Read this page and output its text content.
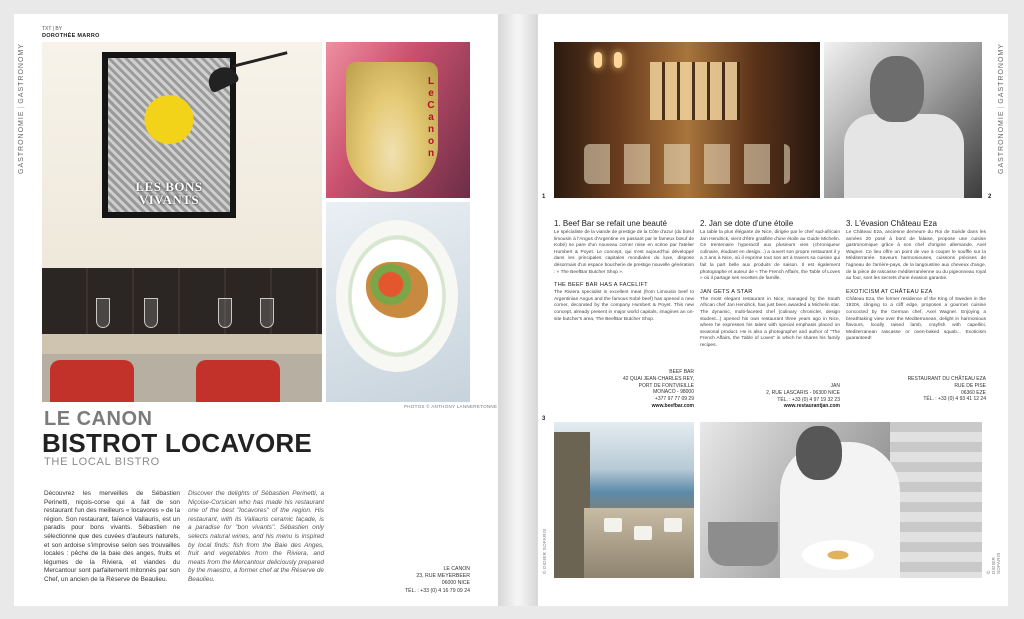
GASTRONOMIE|GASTRONOMY
TXT | BY
DOROTHÉE MARRO
LES BONS VIVANTS
Le Canon
PHOTOS © ANTHONY LANNERETONNE
LE CANON
BISTROT LOCAVORE
THE LOCAL BISTRO
Découvrez les merveilles de Sébastien Perinetti, niçois-corse qui a fait de son restaurant l'un des meilleurs « locavores » de la région. Son restaurant, faïencé Vallauris, est un paradis pour bons vivants. Sébastien ne sélectionne que des cuvées d'auteurs naturels, et son ardoise s'improvise selon ses trouvailles locales : pêche de la baie des anges, fruits et légumes de la Riviera, et viandes du Mercantour sont parfaitement mitonnés par son Chef, un ancien de la Réserve de Beaulieu.
Discover the delights of Sébastien Perinetti, a Niçoise-Corsican who has made his restaurant one of the best "locavores" of the region. His restaurant, with its Vallauris ceramic façade, is a paradise for "bon vivants". Sébastien only selects natural wines, and his menu is inspired by local finds: fish from the Baie des Anges, fruit and vegetables from the Riviera, and meats from the Mercantour deliciously prepared by the maestro, a former chef at the Réserve de Beaulieu.
LE CANON
23, RUE MEYERBEER
06000 NICE
TÉL. : +33 (0) 4 16 79 09 24
GASTRONOMIE|GASTRONOMY
1	2
1. Beef Bar se refait une beauté
Le spécialiste de la viande de prestige de la Côte d'azur (du bœuf limousin à l'Angus d'Argentine en passant par le fameux bœuf de Kobé) se pare d'un nouveau corner mise en scène par l'atelier Humbert & Poyet. Le concept, qui s'est aujourd'hui développé dans les principales capitales mondiales du luxe, dispose désormais d'un espace boucherie de prestige nouvelle génération : « The BeefBar Butcher Shop ».
THE BEEF BAR HAS A FACELIFT
The Riviera specialist in excellent meat (from Limousin beef to Argentinian Angus and the famous Kobé beef) has opened a new corner, decorated by the company Humbert & Poyet. This new concept, already present in major world capitals, imagines an on-site butcher's area, The BeefBar Butcher Shop.
2. Jan se dote d'une étoile
La table la plus élégante de Nice, dirigée par le chef sud-africain Jan Hendrick, vient d'être gratifiée d'une étoile au Guide Michelin. Ce trentenaire hyperactif aux plusieurs vies (chroniqueur culinaire, étudiant en design...) a ouvert son propre restaurant il y a 3 ans à Nice, où il exprime tout son art à travers sa cuisine qui fait la part belle aux produits de saison. Il est également photographe et auteur de « The French Affairs, the Table of Loves » où il partage ses recettes de famille.
JAN GETS A STAR
The most elegant restaurant in Nice, managed by the South African chef Jan Hendrick, has just been awarded a Michelin star. The dynamic, multi-faceted chef (culinary chronicler, design student...) opened his own restaurant three years ago in Nice, where he expresses his talent with special emphasis placed on seasonal product. He is also a photographer and author of "The French Affairs, the Table of Loves" in which he shares his family recipes.
3. L'évasion Château Eza
Le Château Eza, ancienne demeure du Roi de Suède dans les années 20 posé à bord de falaise, propose une cuisine gastronomique grâce à son chef d'origine allemande, Axel Wagner. Ce lieu offre un point de vue à couper le souffle sur la Méditerranée. Saveurs harmonieuses, cuissons précises de l'agneau de l'arrière-pays, de la langoustine aux cheveux d'ange, de la pièce de rascasse méditerranéenne ou du pigeonneau royal au four, sont les secrets d'une évasion garantie.
EXOTICISM AT CHÂTEAU EZA
Château Eza, the former residence of the King of Sweden in the 1920s, clinging to a cliff edge, proposes a gourmet cuisine concocted by the German chef, Axel Wagner. Enjoying a breathtaking view over the Mediterranean, delight in harmonious flavours, locally raised lamb, crayfish with capellini, Mediterranean rascasse or oven-baked squab... Exoticism guaranteed!
BEEF BAR
42 QUAI JEAN-CHARLES REY,
PORT DE FONTVIEILLE
MONACO - 98000
+377 97 77 09 29
www.beefbar.com
JAN
2, RUE LASCARIS - 06300 NICE
TÉL. : +33 (0) 4 97 19 32 23
www.restaurantjan.com
RESTAURANT DU CHÂTEAU EZA
RUE DE PISE
06360 EZE
TÉL. : +33 (0) 4 93 41 12 24
3
© DIDIER SOFARIS	© DIDIER SOFARIS
